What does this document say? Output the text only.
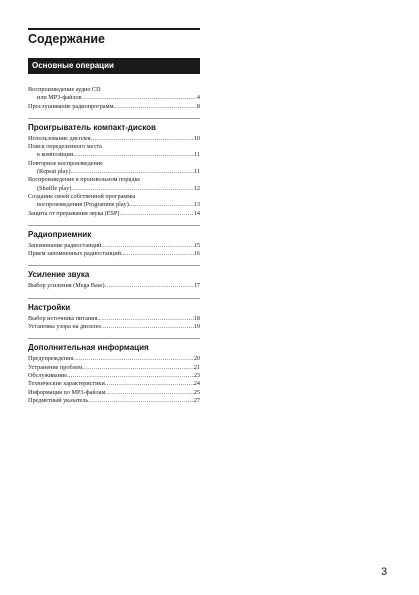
Содержание
Основные операции
Воспроизведение аудио CD
или MP3-файлов .....	4
Прослушивание радиопрограмм .....	8
Проигрыватель компакт-дисков
Использование дисплея .....	10
Поиск определенного места
в композиции .....	11
Повторное воспроизведение
(Repeat play) .....	11
Воспроизведение в произвольном порядке
(Shuffle play) .....	12
Создание своей собственной программы
воспроизведения (Programme play) .....	13
Защита от прерывания звука (ESP) .....	14
Радиоприемник
Запоминание радиостанций .....	15
Прием запомненных радиостанций .....	16
Усиление звука
Выбор усиления (Mega Bass) .....	17
Настройки
Выбор источника питания .....	18
Установка узора на дисплее .....	19
Дополнительная информация
Предупреждения .....	20
Устранение проблем .....	21
Обслуживание .....	23
Технические характеристики .....	24
Информация по MP3-файлам .....	25
Предметный указатель .....	27
3
